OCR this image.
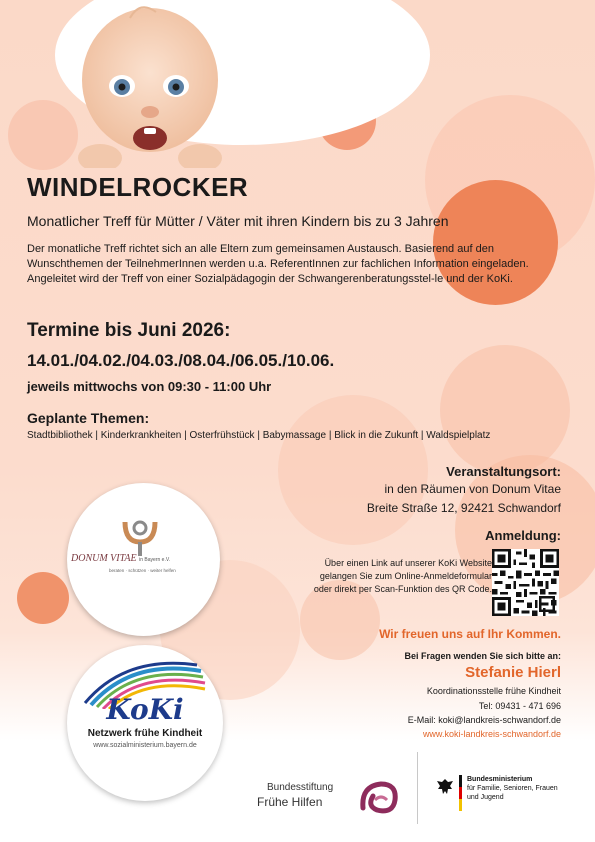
WINDELROCKER
Monatlicher Treff für Mütter / Väter mit ihren Kindern bis zu 3 Jahren
Der monatliche Treff richtet sich an alle Eltern zum gemeinsamen Austausch. Basierend auf den Wunschthemen der TeilnehmerInnen werden u.a. ReferentInnen zur fachlichen Information eingeladen. Angeleitet wird der Treff von einer Sozialpädagogin der Schwangerenberatungsstel-le und der KoKi.
Termine bis Juni 2026:
14.01./04.02./04.03./08.04./06.05./10.06.
jeweils mittwochs von 09:30 - 11:00 Uhr
Geplante Themen:
Stadtbibliothek | Kinderkrankheiten | Osterfrühstück | Babymassage | Blick in die Zukunft | Waldspielplatz
Veranstaltungsort:
in den Räumen von Donum Vitae
Breite Straße 12, 92421 Schwandorf
Anmeldung:
Über einen Link auf unserer KoKi Website
gelangen Sie zum Online-Anmeldeformular
oder direkt per Scan-Funktion des QR Code.
Wir freuen uns auf Ihr Kommen.
Bei Fragen wenden Sie sich bitte an:
Stefanie Hierl
Koordinationsstelle frühe Kindheit
Tel: 09431 - 471 696
E-Mail: koki@landkreis-schwandorf.de
www.koki-landkreis-schwandorf.de
DONUM VITAE in Bayern e.V.
beraten · schützen · weiter helfen
KoKi
Netzwerk frühe Kindheit
www.sozialministerium.bayern.de
Bundesstiftung
Frühe Hilfen
Bundesministerium
für Familie, Senioren, Frauen
und Jugend
